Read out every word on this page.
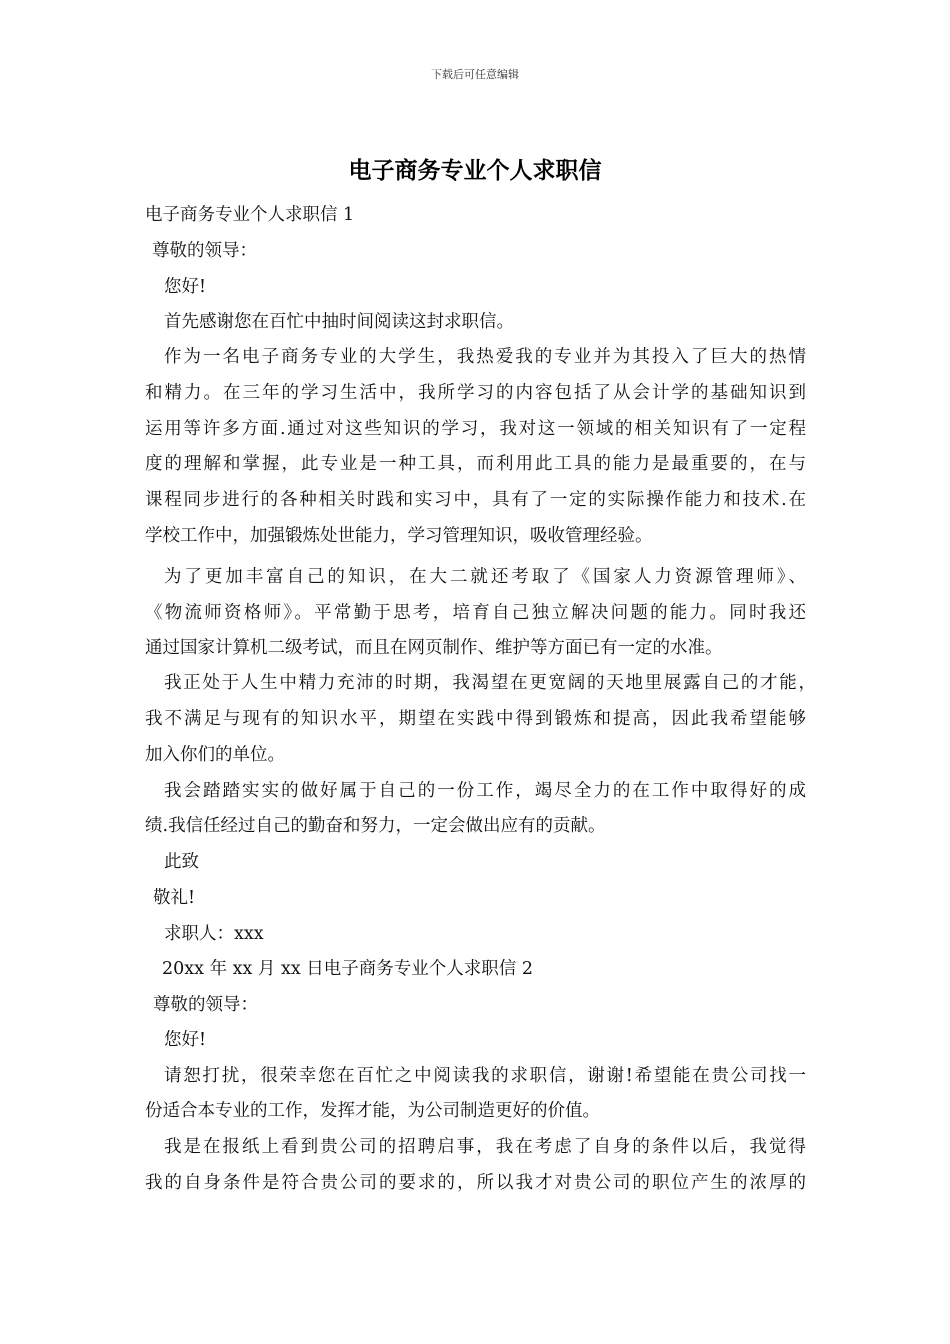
下载后可任意编辑
电子商务专业个人求职信
电子商务专业个人求职信 1
尊敬的领导：
您好!
首先感谢您在百忙中抽时间阅读这封求职信。
作为一名电子商务专业的大学生，我热爱我的专业并为其投入了巨大的热情
和精力。在三年的学习生活中，我所学习的内容包括了从会计学的基础知识到
运用等许多方面.通过对这些知识的学习，我对这一领域的相关知识有了一定程
度的理解和掌握，此专业是一种工具，而利用此工具的能力是最重要的，在与
课程同步进行的各种相关时践和实习中，具有了一定的实际操作能力和技术.在
学校工作中，加强锻炼处世能力，学习管理知识，吸收管理经验。
为了更加丰富自己的知识，在大二就还考取了《国家人力资源管理师》、
《物流师资格师》。平常勤于思考，培育自己独立解决问题的能力。同时我还
通过国家计算机二级考试，而且在网页制作、维护等方面已有一定的水准。
我正处于人生中精力充沛的时期，我渴望在更宽阔的天地里展露自己的才能，
我不满足与现有的知识水平，期望在实践中得到锻炼和提高，因此我希望能够
加入你们的单位。
我会踏踏实实的做好属于自己的一份工作，竭尽全力的在工作中取得好的成
绩.我信任经过自己的勤奋和努力，一定会做出应有的贡献。
此致
敬礼!
求职人：xxx
20xx 年 xx 月 xx 日电子商务专业个人求职信 2
尊敬的领导：
您好!
请恕打扰，很荣幸您在百忙之中阅读我的求职信，谢谢!希望能在贵公司找一
份适合本专业的工作，发挥才能，为公司制造更好的价值。
我是在报纸上看到贵公司的招聘启事，我在考虑了自身的条件以后，我觉得
我的自身条件是符合贵公司的要求的，所以我才对贵公司的职位产生的浓厚的
